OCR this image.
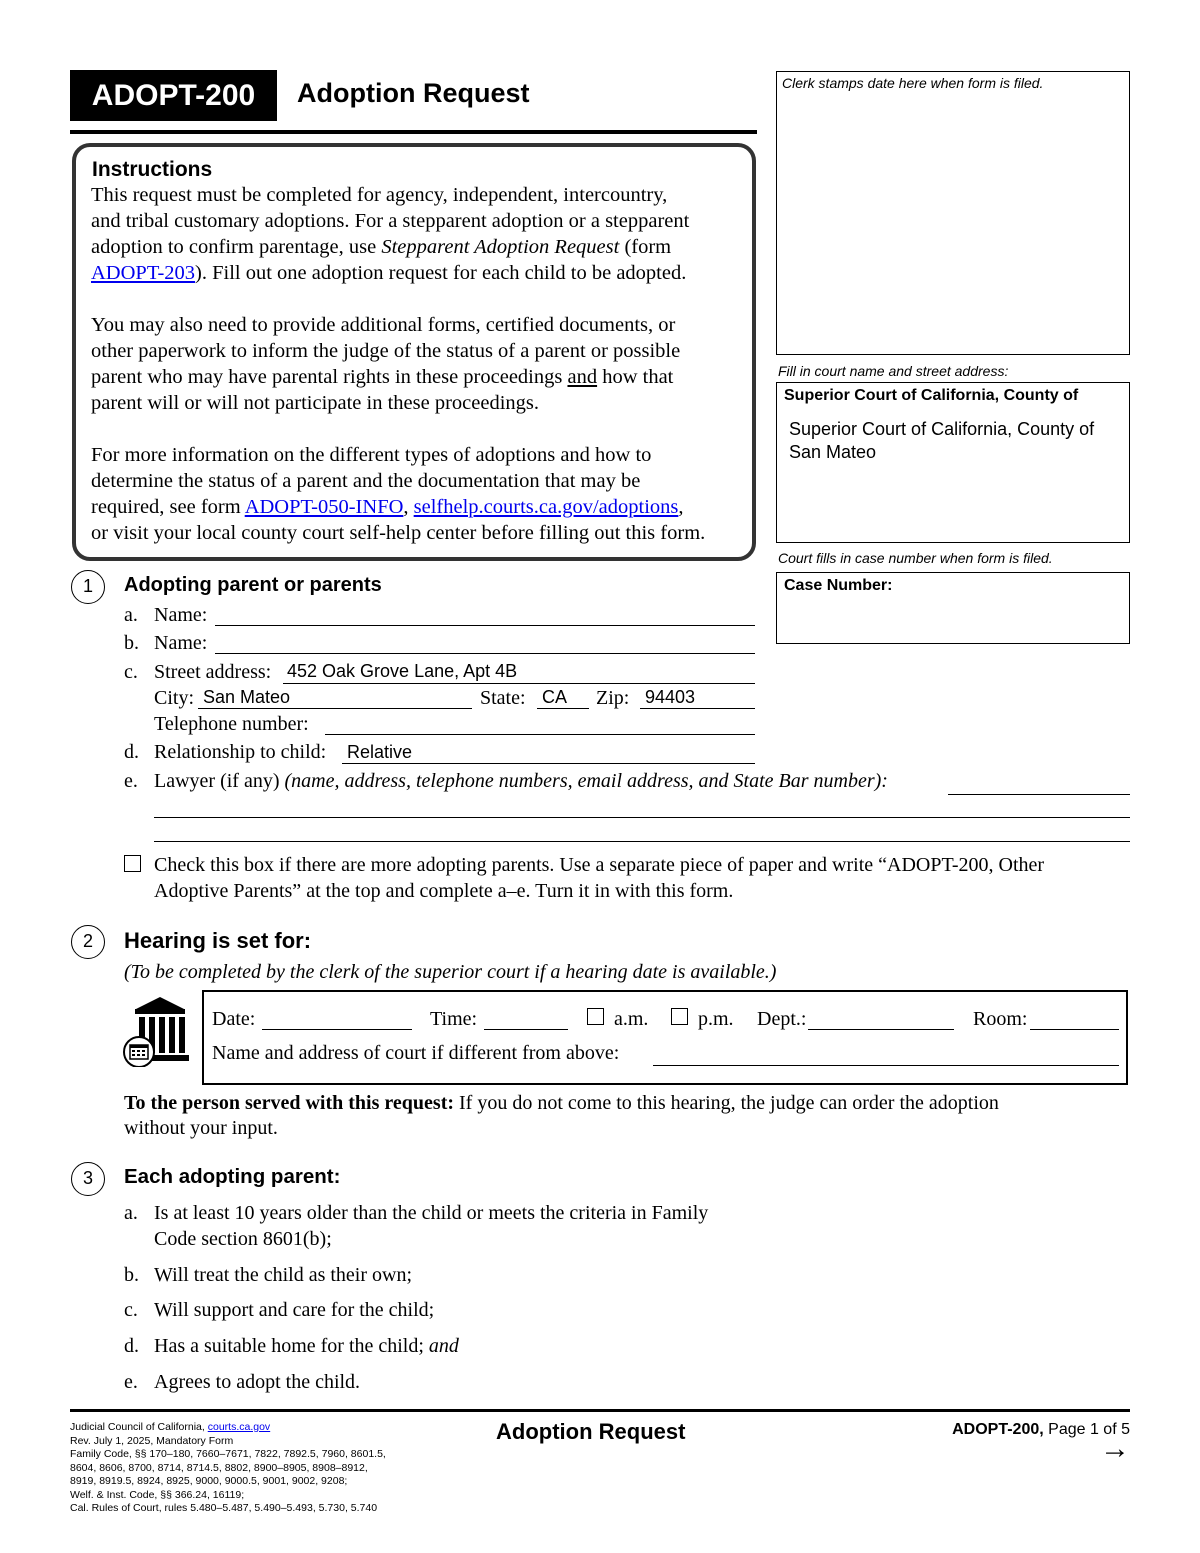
ADOPT-200	Adoption Request	Clerk stamps date here when form is filed.
Fill in court name and street address:
Superior Court of California, County of
Superior Court of California, County of
San Mateo
Court fills in case number when form is filed.
Case Number:
Instructions
This request must be completed for agency, independent, intercountry,
and tribal customary adoptions. For a stepparent adoption or a stepparent
adoption to confirm parentage, use Stepparent Adoption Request (form
ADOPT-203). Fill out one adoption request for each child to be adopted.
You may also need to provide additional forms, certified documents, or
other paperwork to inform the judge of the status of a parent or possible
parent who may have parental rights in these proceedings and how that
parent will or will not participate in these proceedings.
For more information on the different types of adoptions and how to
determine the status of a parent and the documentation that may be
required, see form ADOPT-050-INFO, selfhelp.courts.ca.gov/adoptions,
or visit your local county court self-help center before filling out this form.
1	Adopting parent or parents
a. Name:
b. Name:
c. Street address: 452 Oak Grove Lane, Apt 4B
City: San Mateo	State: CA Zip: 94403
Telephone number:
d. Relationship to child: Relative
e. Lawyer (if any) (name, address, telephone numbers, email address, and State Bar number):
Check this box if there are more adopting parents. Use a separate piece of paper and write “ADOPT-200, Other
Adoptive Parents” at the top and complete a–e. Turn it in with this form.
2	Hearing is set for:
(To be completed by the clerk of the superior court if a hearing date is available.)
Date:	Time:	a.m. p.m. Dept.:	Room:
Name and address of court if different from above:
To the person served with this request: If you do not come to this hearing, the judge can order the adoption
without your input.
3	Each adopting parent:
a. Is at least 10 years older than the child or meets the criteria in Family
Code section 8601(b);
b. Will treat the child as their own;
c. Will support and care for the child;
d. Has a suitable home for the child; and
e. Agrees to adopt the child.
Judicial Council of California, courts.ca.gov
Rev. July 1, 2025, Mandatory Form
Family Code, §§ 170–180, 7660–7671, 7822, 7892.5, 7960, 8601.5,
8604, 8606, 8700, 8714, 8714.5, 8802, 8900–8905, 8908–8912,
8919, 8919.5, 8924, 8925, 9000, 9000.5, 9001, 9002, 9208;
Welf. & Inst. Code, §§ 366.24, 16119;
Cal. Rules of Court, rules 5.480–5.487, 5.490–5.493, 5.730, 5.740
Adoption Request	ADOPT-200, Page 1 of 5
→
